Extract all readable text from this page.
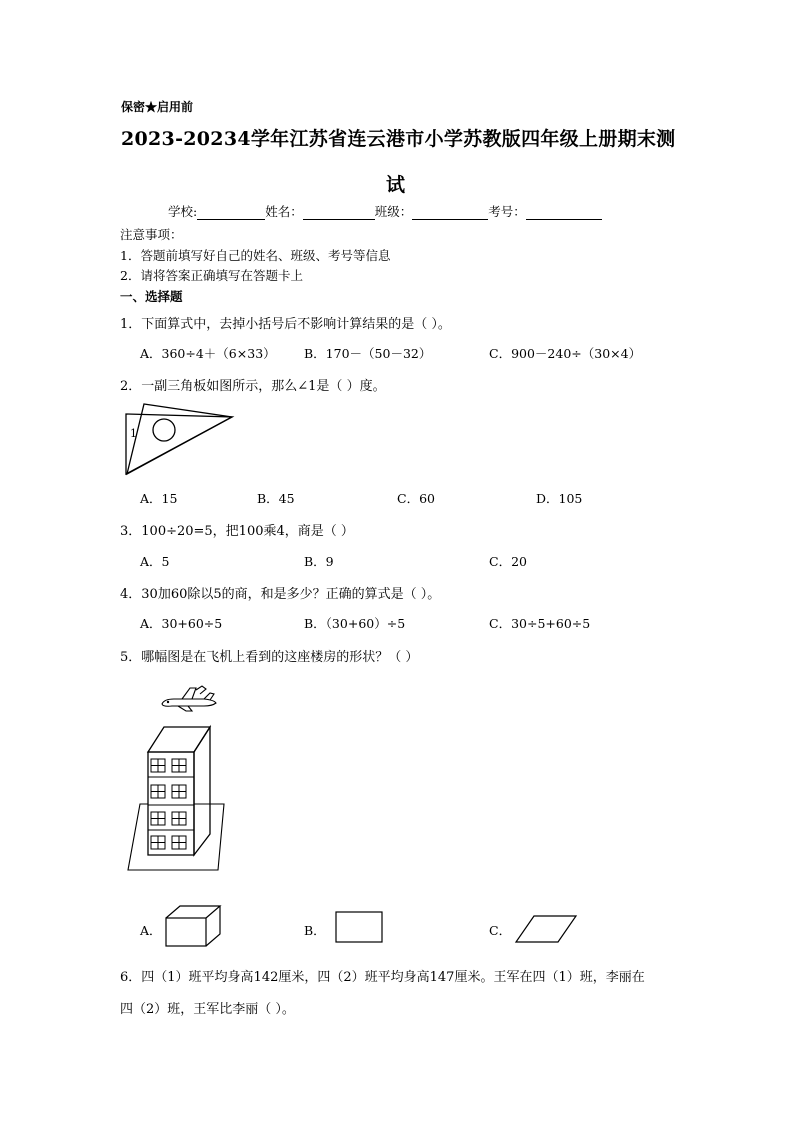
保密★启用前
2023-20234学年江苏省连云港市小学苏教版四年级上册期末测
试
学校:	姓名：	班级：	考号：
注意事项：
1．答题前填写好自己的姓名、班级、考号等信息
2．请将答案正确填写在答题卡上
一、选择题
1．下面算式中，去掉小括号后不影响计算结果的是（ ）。
A．360÷4＋（6×33） B．170－（50－32）	C．900－240÷（30×4）
2．一副三角板如图所示，那么∠1是（ ）度。
1
A．15	B．45	C．60	D．105
3．100÷20=5，把100乘4，商是（ ）
A．5	B．9	C．20
4．30加60除以5的商，和是多少？正确的算式是（ ）。
A．30+60÷5	B．（30+60）÷5	C．30÷5+60÷5
5．哪幅图是在飞机上看到的这座楼房的形状？（ ）
A．	B．	C．
6．四（1）班平均身高142厘米，四（2）班平均身高147厘米。王军在四（1）班，李丽在
四（2）班，王军比李丽（ ）。
